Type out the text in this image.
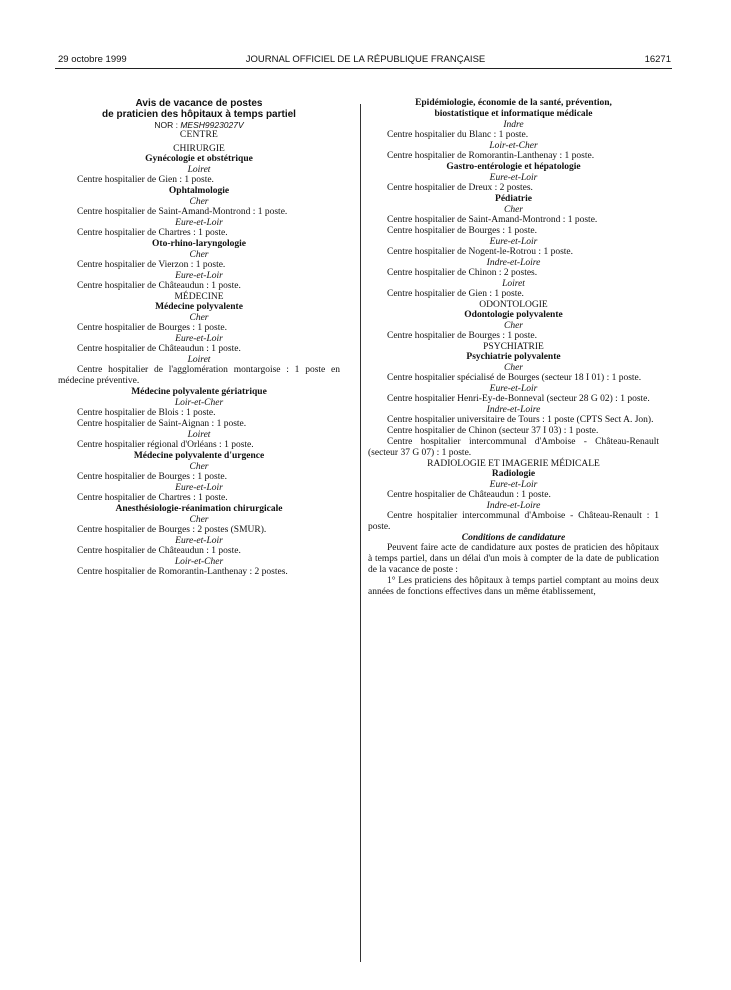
29 octobre 1999	JOURNAL OFFICIEL DE LA RÉPUBLIQUE FRANÇAISE	16271
Avis de vacance de postes
de praticien des hôpitaux à temps partiel
NOR : MESH9923027V
CENTRE
CHIRURGIE
Gynécologie et obstétrique
Loiret
Centre hospitalier de Gien : 1 poste.
Ophtalmologie
Cher
Centre hospitalier de Saint-Amand-Montrond : 1 poste.
Eure-et-Loir
Centre hospitalier de Chartres : 1 poste.
Oto-rhino-laryngologie
Cher
Centre hospitalier de Vierzon : 1 poste.
Eure-et-Loir
Centre hospitalier de Châteaudun : 1 poste.
MÉDECINE
Médecine polyvalente
Cher
Centre hospitalier de Bourges : 1 poste.
Eure-et-Loir
Centre hospitalier de Châteaudun : 1 poste.
Loiret
Centre hospitalier de l'agglomération montargoise : 1 poste en médecine préventive.
Médecine polyvalente gériatrique
Loir-et-Cher
Centre hospitalier de Blois : 1 poste.
Centre hospitalier de Saint-Aignan : 1 poste.
Loiret
Centre hospitalier régional d'Orléans : 1 poste.
Médecine polyvalente d'urgence
Cher
Centre hospitalier de Bourges : 1 poste.
Eure-et-Loir
Centre hospitalier de Chartres : 1 poste.
Anesthésiologie-réanimation chirurgicale
Cher
Centre hospitalier de Bourges : 2 postes (SMUR).
Eure-et-Loir
Centre hospitalier de Châteaudun : 1 poste.
Loir-et-Cher
Centre hospitalier de Romorantin-Lanthenay : 2 postes.
Epidémiologie, économie de la santé, prévention,
biostatistique et informatique médicale
Indre
Centre hospitalier du Blanc : 1 poste.
Loir-et-Cher
Centre hospitalier de Romorantin-Lanthenay : 1 poste.
Gastro-entérologie et hépatologie
Eure-et-Loir
Centre hospitalier de Dreux : 2 postes.
Pédiatrie
Cher
Centre hospitalier de Saint-Amand-Montrond : 1 poste.
Centre hospitalier de Bourges : 1 poste.
Eure-et-Loir
Centre hospitalier de Nogent-le-Rotrou : 1 poste.
Indre-et-Loire
Centre hospitalier de Chinon : 2 postes.
Loiret
Centre hospitalier de Gien : 1 poste.
ODONTOLOGIE
Odontologie polyvalente
Cher
Centre hospitalier de Bourges : 1 poste.
PSYCHIATRIE
Psychiatrie polyvalente
Cher
Centre hospitalier spécialisé de Bourges (secteur 18 I 01) : 1 poste.
Eure-et-Loir
Centre hospitalier Henri-Ey-de-Bonneval (secteur 28 G 02) : 1 poste.
Indre-et-Loire
Centre hospitalier universitaire de Tours : 1 poste (CPTS Sect A. Jon).
Centre hospitalier de Chinon (secteur 37 I 03) : 1 poste.
Centre hospitalier intercommunal d'Amboise - Château-Renault (secteur 37 G 07) : 1 poste.
RADIOLOGIE ET IMAGERIE MÉDICALE
Radiologie
Eure-et-Loir
Centre hospitalier de Châteaudun : 1 poste.
Indre-et-Loire
Centre hospitalier intercommunal d'Amboise - Château-Renault : 1 poste.
Conditions de candidature
Peuvent faire acte de candidature aux postes de praticien des hôpitaux à temps partiel, dans un délai d'un mois à compter de la date de publication de la vacance de poste :
1° Les praticiens des hôpitaux à temps partiel comptant au moins deux années de fonctions effectives dans un même établissement,
